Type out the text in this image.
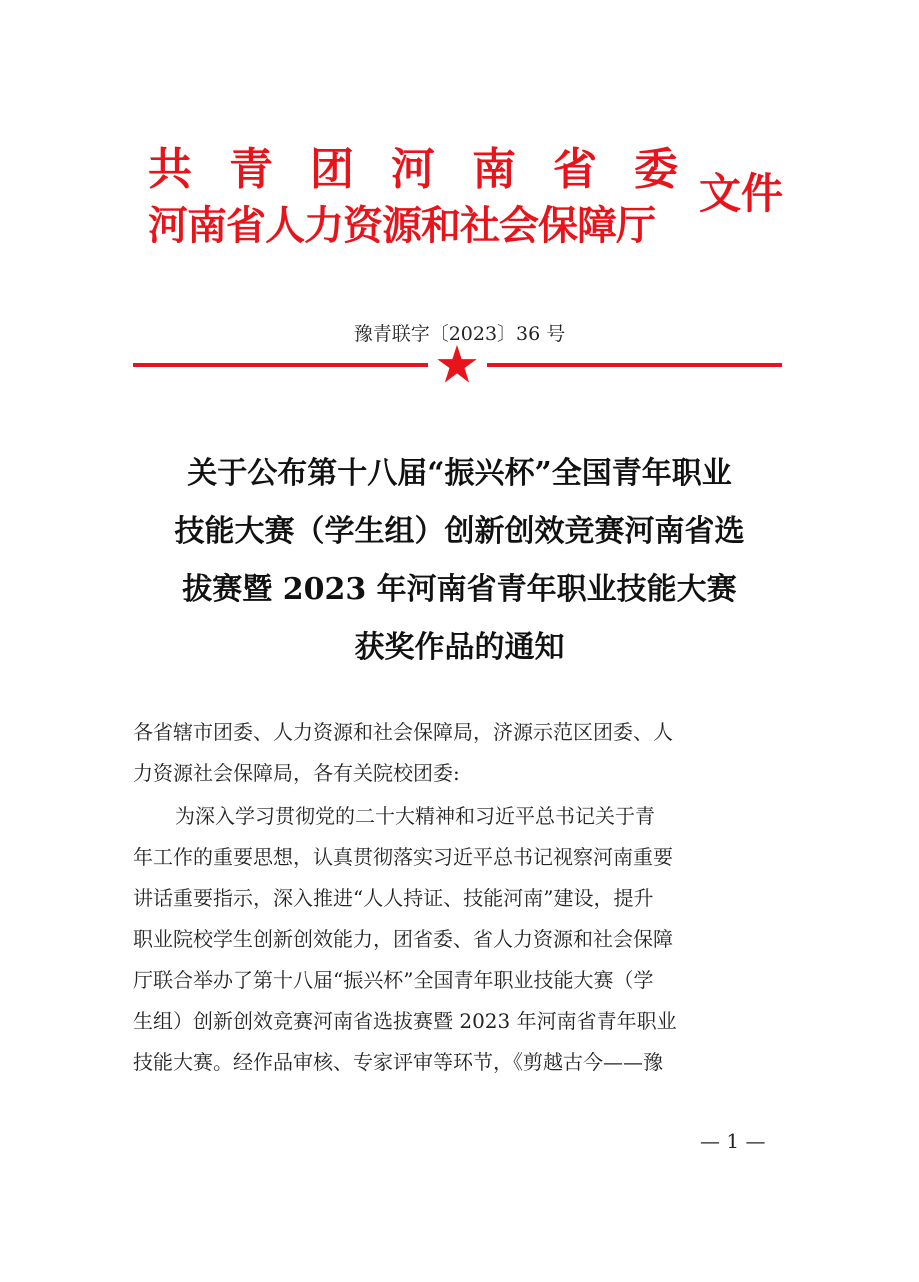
共青团河南省委
河南省人力资源和社会保障厅
文件
豫青联字〔2023〕36 号
关于公布第十八届“振兴杯”全国青年职业
技能大赛（学生组）创新创效竞赛河南省选
拔赛暨 2023 年河南省青年职业技能大赛
获奖作品的通知
各省辖市团委、人力资源和社会保障局，济源示范区团委、人
力资源社会保障局，各有关院校团委:
为深入学习贯彻党的二十大精神和习近平总书记关于青
年工作的重要思想，认真贯彻落实习近平总书记视察河南重要
讲话重要指示，深入推进“人人持证、技能河南”建设，提升
职业院校学生创新创效能力，团省委、省人力资源和社会保障
厅联合举办了第十八届“振兴杯”全国青年职业技能大赛（学
生组）创新创效竞赛河南省选拔赛暨 2023 年河南省青年职业
技能大赛。经作品审核、专家评审等环节，《剪越古今——豫
— 1 —
